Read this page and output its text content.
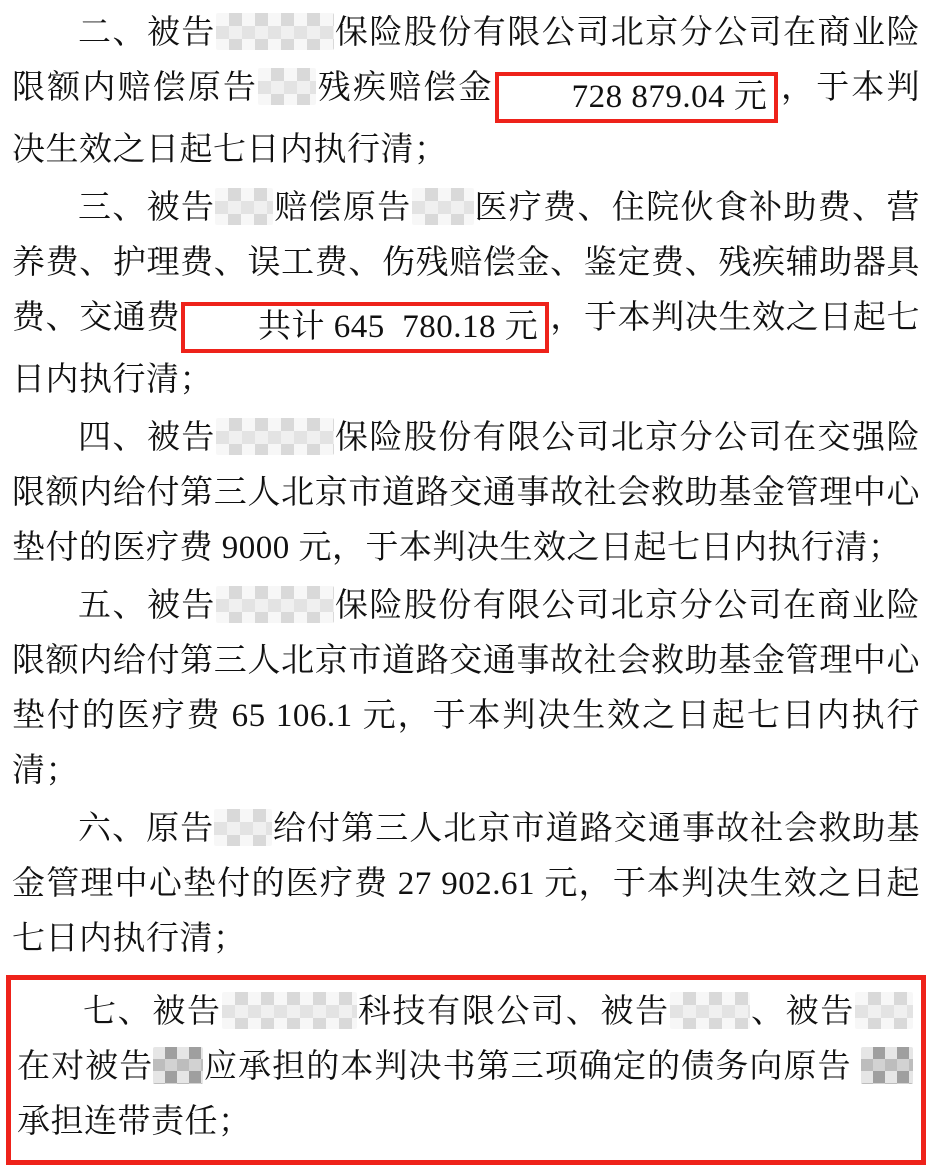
二、被告	保险股份有限公司北京分公司在商业险限额内赔偿原告 残疾赔偿金 728 879.04 元 ，于本判决生效之日起七日内执行清；

三、被告 赔偿原告 医疗费、住院伙食补助费、营养费、护理费、误工费、伤残赔偿金、鉴定费、残疾辅助器具费、交通费 共计 645  780.18 元 ，于本判决生效之日起七日内执行清；

四、被告	保险股份有限公司北京分公司在交强险限额内给付第三人北京市道路交通事故社会救助基金管理中心垫付的医疗费 9000 元，于本判决生效之日起七日内执行清；

五、被告	保险股份有限公司北京分公司在商业险限额内给付第三人北京市道路交通事故社会救助基金管理中心垫付的医疗费 65 106.1 元，于本判决生效之日起七日内执行清；

六、原告 给付第三人北京市道路交通事故社会救助基金管理中心垫付的医疗费 27 902.61 元，于本判决生效之日起七日内执行清；

七、被告	科技有限公司、被告 、被告在对被告 应承担的本判决书第三项确定的债务向原告 承担连带责任；
